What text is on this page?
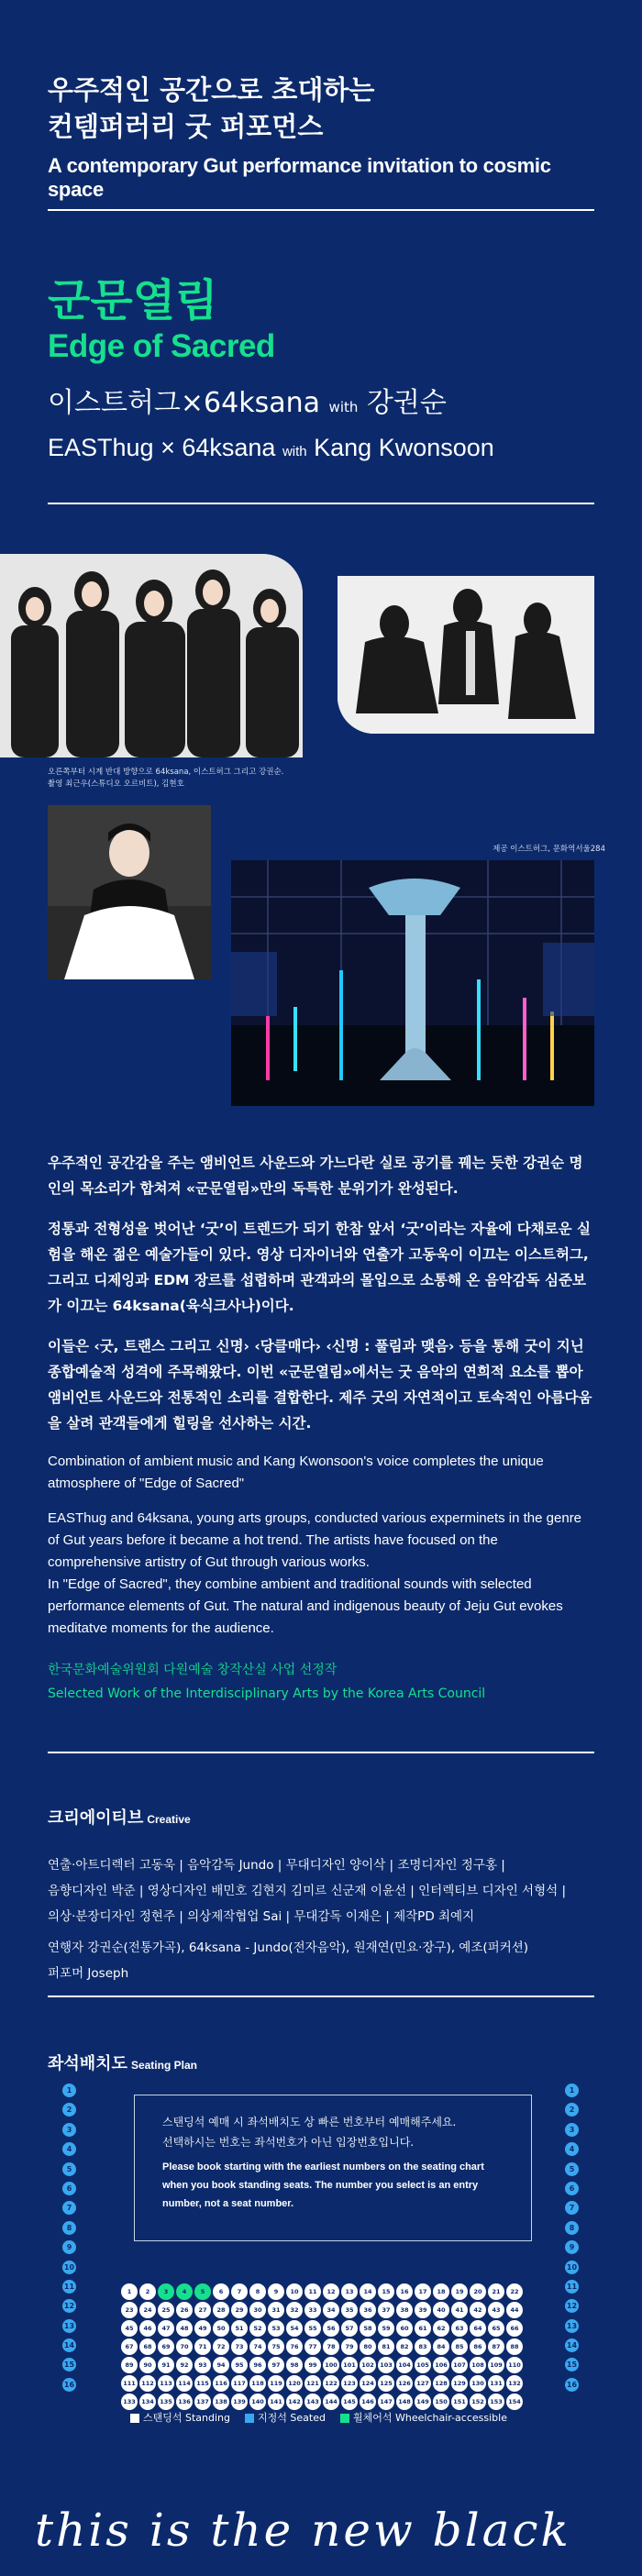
우주적인 공간으로 초대하는
컨템퍼러리 굿 퍼포먼스
A contemporary Gut performance invitation to cosmic space
군문열림
Edge of Sacred
이스트허그×64ksana with 강권순
EASThug × 64ksana with Kang Kwonsoon
오른쪽부터 시계 반대 방향으로 64ksana, 이스트허그 그리고 강권순.
촬영 최근우(스튜디오 오르비트), 김현호
제공 이스트허그, 문화역서울284

우주적인 공간감을 주는 앰비언트 사운드와 가느다란 실로 공기를 꿰는 듯한 강권순 명인의 목소리가 합쳐져 «군문열림»만의 독특한 분위기가 완성된다.

정통과 전형성을 벗어난 ‘굿’이 트렌드가 되기 한참 앞서 ‘굿’이라는 자율에 다채로운 실험을 해온 젊은 예술가들이 있다. 영상 디자이너와 연출가 고동욱이 이끄는 이스트허그, 그리고 디제잉과 EDM 장르를 섭렵하며 관객과의 몰입으로 소통해 온 음악감독 심준보가 이끄는 64ksana(육식크사나)이다.

이들은 ‹굿, 트랜스 그리고 신명› ‹당클매다› ‹신명 : 풀림과 맺음› 등을 통해 굿이 지닌 종합예술적 성격에 주목해왔다. 이번 «군문열림»에서는 굿 음악의 연희적 요소를 뽑아 앰비언트 사운드와 전통적인 소리를 결합한다. 제주 굿의 자연적이고 토속적인 아름다움을 살려 관객들에게 힐링을 선사하는 시간.

Combination of ambient music and Kang Kwonsoon's voice completes the unique atmosphere of "Edge of Sacred"

EASThug and 64ksana, young arts groups, conducted various experminets in the genre of Gut years before it became a hot trend. The artists have focused on the comprehensive artistry of Gut through various works.
In "Edge of Sacred", they combine ambient and traditional sounds with selected performance elements of Gut. The natural and indigenous beauty of Jeju Gut evokes meditatve moments for the audience.

한국문화예술위원회 다원예술 창작산실 사업 선정작
Selected Work of the Interdisciplinary Arts by the Korea Arts Council
크리에이티브 Creative
연출·아트디렉터 고동욱 | 음악감독 Jundo | 무대디자인 양이삭 | 조명디자인 정구홍 |
음향디자인 박준 | 영상디자인 배민호 김현지 김미르 신군재 이윤선 | 인터렉티브 디자인 서형석 |
의상·분장디자인 정현주 | 의상제작협업 Sai | 무대감독 이재은 | 제작PD 최예지
연행자 강권순(전통가곡), 64ksana - Jundo(전자음악), 원재연(민요·장구), 예조(퍼커션)
퍼포머 Joseph
좌석배치도 Seating Plan
1
2
3
4
5
6
7
8
9
10
11
12
13
14
15
16
1
2
3
4
5
6
7
8
9
10
11
12
13
14
15
16
스탠딩석 예매 시 좌석배치도 상 빠른 번호부터 예매해주세요.
선택하시는 번호는 좌석번호가 아닌 입장번호입니다.
Please book starting with the earliest numbers on the seating chart when you book standing seats. The number you select is an entry number, not a seat number.
1	2	3	4	5	6	7	8	9	10	11	12	13	14	15	16	17	18	19	20	21	22
23	24	25	26	27	28	29	30	31	32	33	34	35	36	37	38	39	40	41	42	43	44
45	46	47	48	49	50	51	52	53	54	55	56	57	58	59	60	61	62	63	64	65	66
67	68	69	70	71	72	73	74	75	76	77	78	79	80	81	82	83	84	85	86	87	88
89	90	91	92	93	94	95	96	97	98	99	100 101 102 103 104 105 106 107 108 109 110
111 112 113 114 115 116 117 118 119 120 121 122 123 124 125 126 127 128 129 130 131 132
133 134 135 136 137 138 139 140 141 142 143 144 145 146 147 148 149 150 151 152 153 154
스탠딩석 Standing	지정석 Seated	휠체어석 Wheelchair-accessible
this is the new black
